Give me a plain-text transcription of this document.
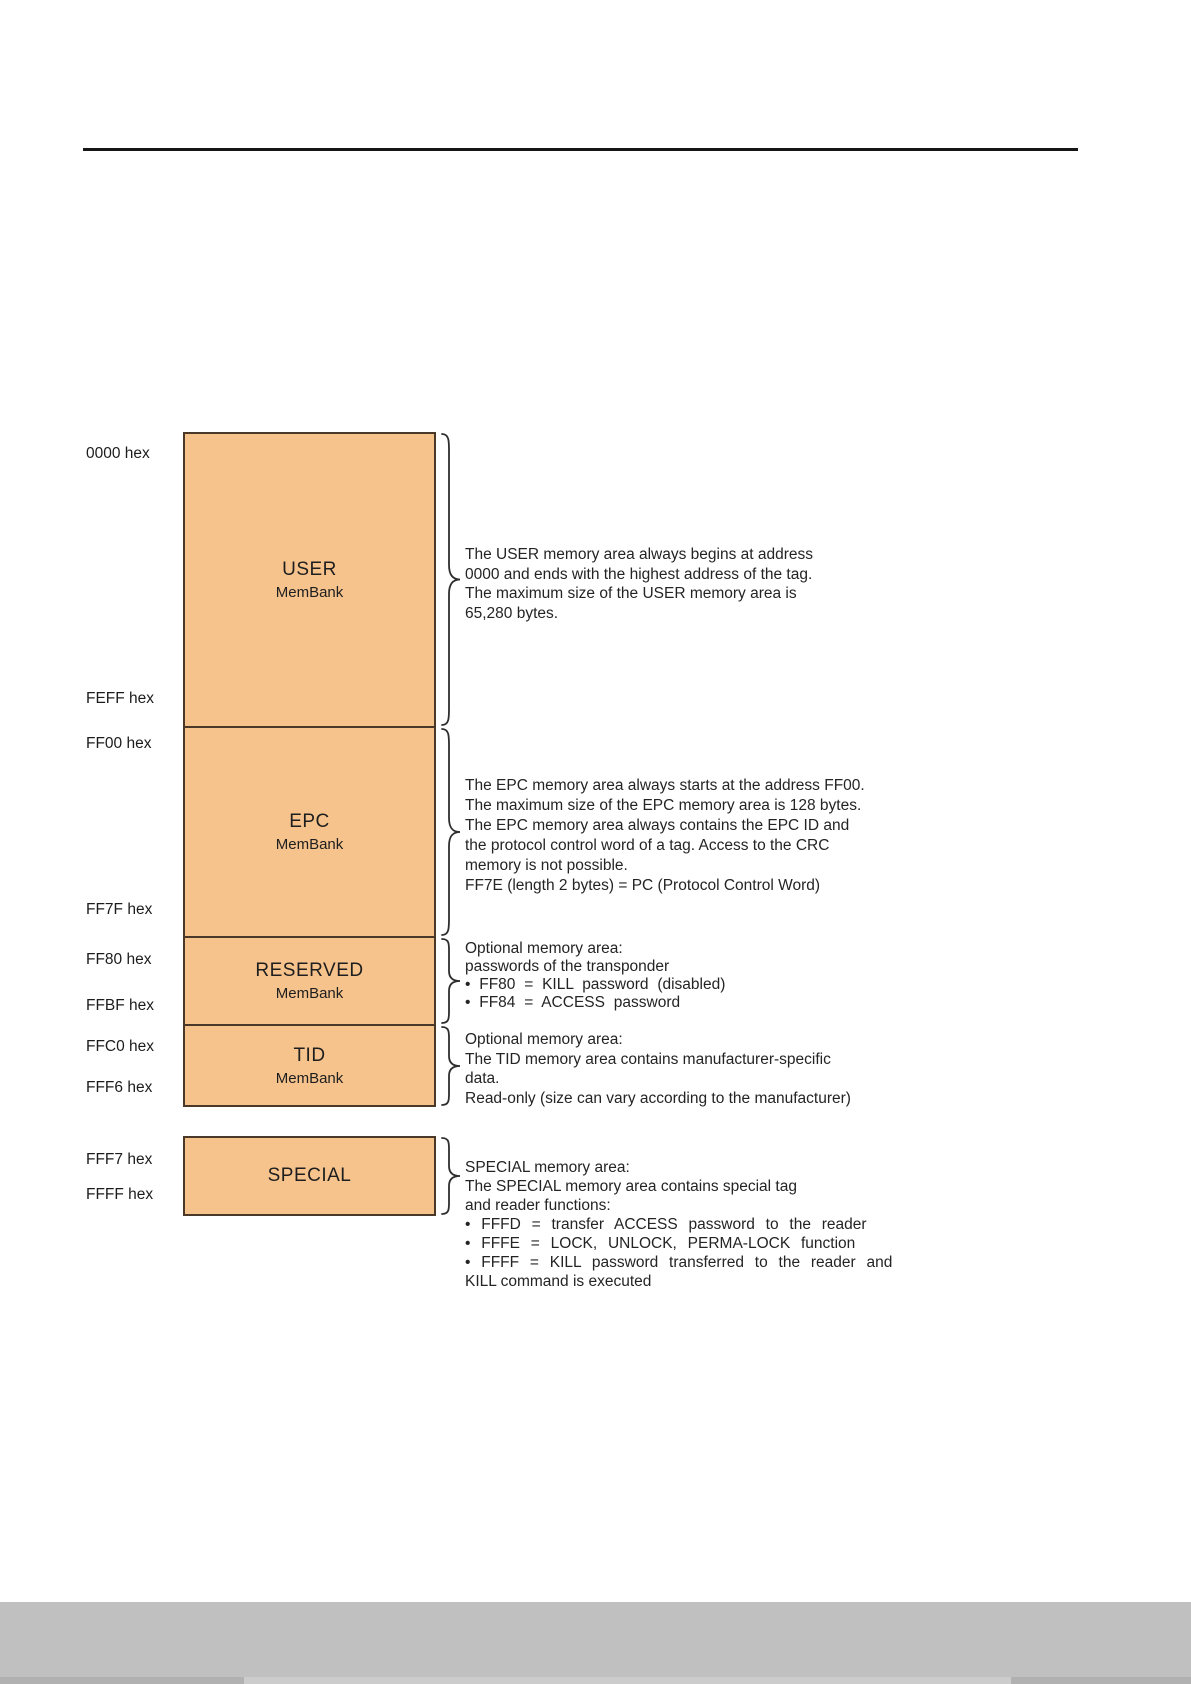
0000 hex
FEFF hex
FF00 hex
FF7F hex
FF80 hex
FFBF hex
FFC0 hex
FFF6 hex
FFF7 hex
FFFF hex
USER
MemBank
EPC
MemBank
RESERVED
MemBank
TID
MemBank
SPECIAL
The USER memory area always begins at address
0000 and ends with the highest address of the tag.
The maximum size of the USER memory area is
65,280 bytes.
The EPC memory area always starts at the address FF00.
The maximum size of the EPC memory area is 128 bytes.
The EPC memory area always contains the EPC ID and
the protocol control word of a tag. Access to the CRC
memory is not possible.
FF7E (length 2 bytes) = PC (Protocol Control Word)
Optional memory area:
passwords of the transponder
• FF80 = KILL password (disabled)
• FF84 = ACCESS password
Optional memory area:
The TID memory area contains manufacturer-specific
data.
Read-only (size can vary according to the manufacturer)
SPECIAL memory area:
The SPECIAL memory area contains special tag
and reader functions:
• FFFD = transfer ACCESS password to the reader
• FFFE = LOCK, UNLOCK, PERMA-LOCK function
• FFFF = KILL password transferred to the reader and
KILL command is executed
